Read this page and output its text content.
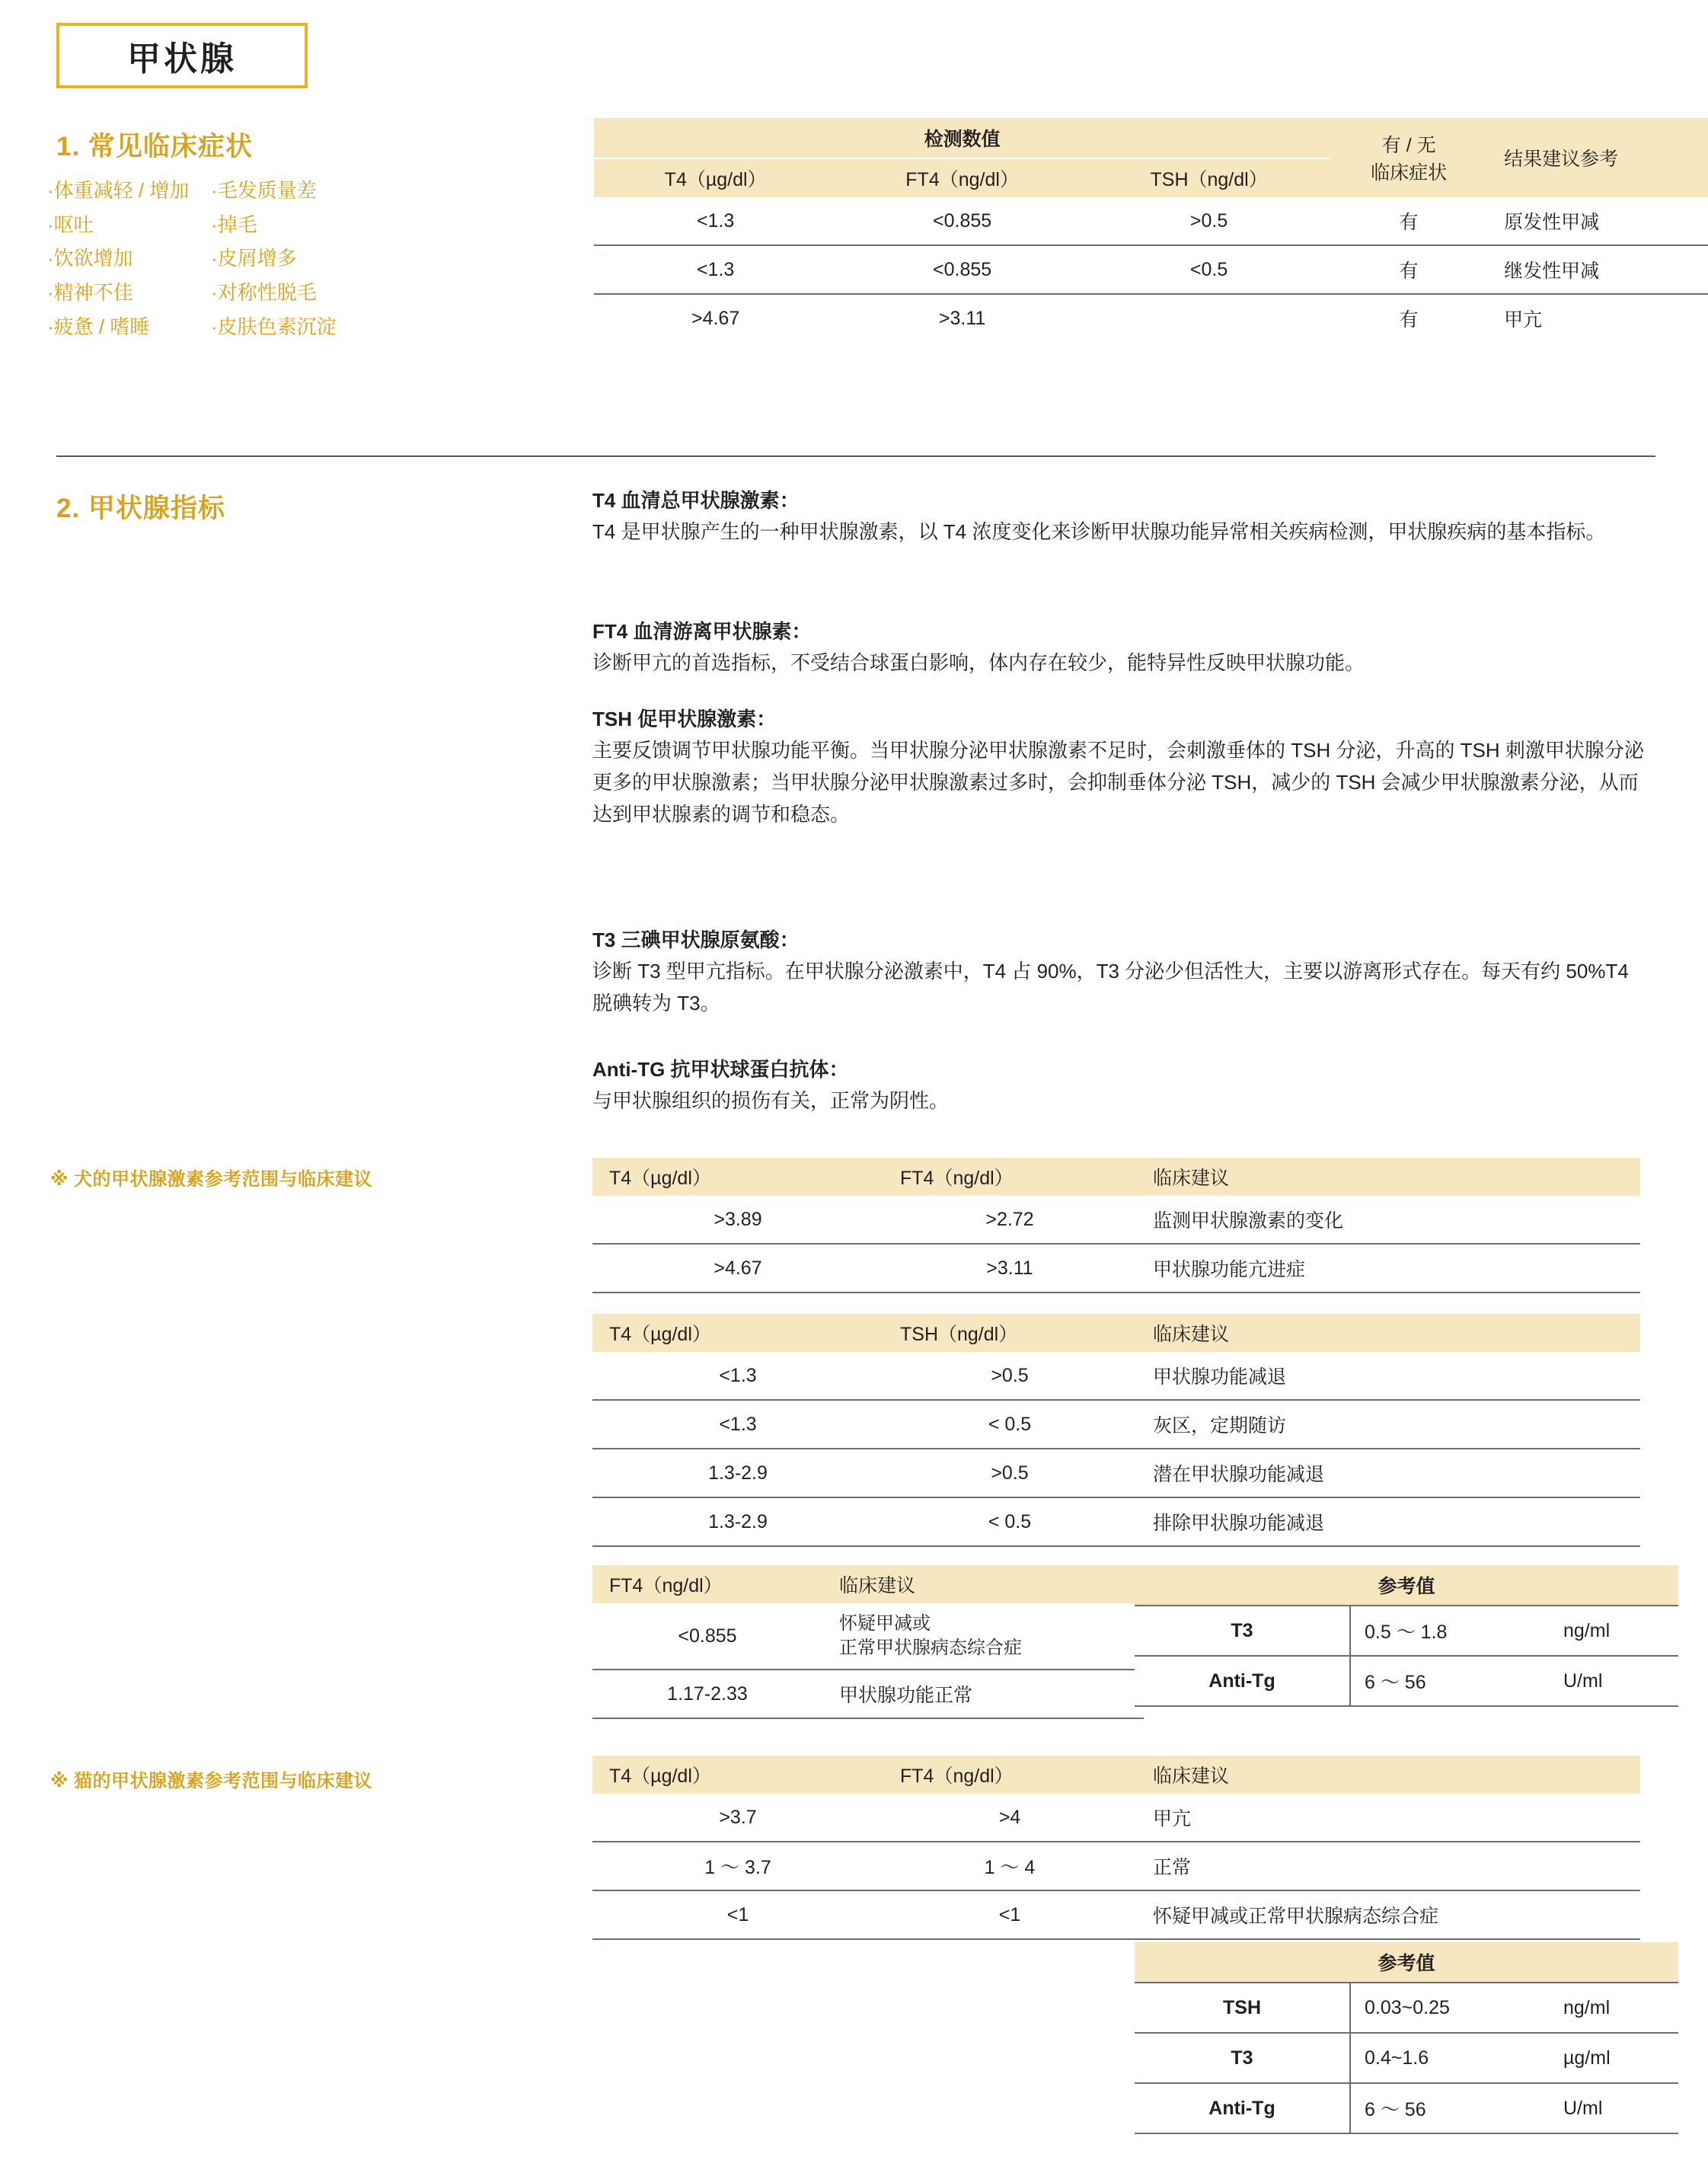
甲状腺
1. 常见临床症状
·体重减轻 / 增加
·呕吐
·饮欲增加
·精神不佳
·疲惫 / 嗜睡
·毛发质量差
·掉毛
·皮屑增多
·对称性脱毛
·皮肤色素沉淀
检测数值			有 / 无
临床症状	结果建议参考
T4（µg/dl）	FT4（ng/dl）	TSH（ng/dl）		
<1.3	<0.855	>0.5	有	原发性甲减
<1.3	<0.855	<0.5	有	继发性甲减
>4.67	>3.11		有	甲亢
2. 甲状腺指标	T4 血清总甲状腺激素：

T4 是甲状腺产生的一种甲状腺激素，以 T4 浓度变化来诊断甲状腺功能异常相关疾病检测，甲状腺疾病的基本指标。

FT4 血清游离甲状腺素：

诊断甲亢的首选指标，不受结合球蛋白影响，体内存在较少，能特异性反映甲状腺功能。

TSH 促甲状腺激素：

主要反馈调节甲状腺功能平衡。当甲状腺分泌甲状腺激素不足时，会刺激垂体的 TSH 分泌，升高的 TSH 刺激甲状腺分泌更多的甲状腺激素；当甲状腺分泌甲状腺激素过多时，会抑制垂体分泌 TSH，减少的 TSH 会减少甲状腺激素分泌，从而达到甲状腺素的调节和稳态。

T3 三碘甲状腺原氨酸：

诊断 T3 型甲亢指标。在甲状腺分泌激素中，T4 占 90%，T3 分泌少但活性大，主要以游离形式存在。每天有约 50%T4 脱碘转为 T3。

Anti-TG 抗甲状球蛋白抗体：

与甲状腺组织的损伤有关，正常为阴性。

※ 犬的甲状腺激素参考范围与临床建议	T4（µg/dl）	FT4（ng/dl）	临床建议
>3.89	>2.72	监测甲状腺激素的变化
>4.67	>3.11	甲状腺功能亢进症
T4（µg/dl）	TSH（ng/dl）	临床建议
<1.3	>0.5	甲状腺功能减退
<1.3	< 0.5	灰区，定期随访
1.3-2.9	>0.5	潜在甲状腺功能减退
1.3-2.9	< 0.5	排除甲状腺功能减退
FT4（ng/dl）	临床建议
<0.855	怀疑甲减或
正常甲状腺病态综合症

1.17-2.33	甲状腺功能正常
参考值		
T3	0.5 ～ 1.8	ng/ml
Anti-Tg	6 ～ 56	U/ml
※ 猫的甲状腺激素参考范围与临床建议	T4（µg/dl）	FT4（ng/dl）	临床建议
>3.7	>4	甲亢
1 ～ 3.7	1 ～ 4	正常
<1	<1	怀疑甲减或正常甲状腺病态综合症
参考值		
TSH	0.03~0.25	ng/ml
T3	0.4~1.6	µg/ml
Anti-Tg	6 ～ 56	U/ml
